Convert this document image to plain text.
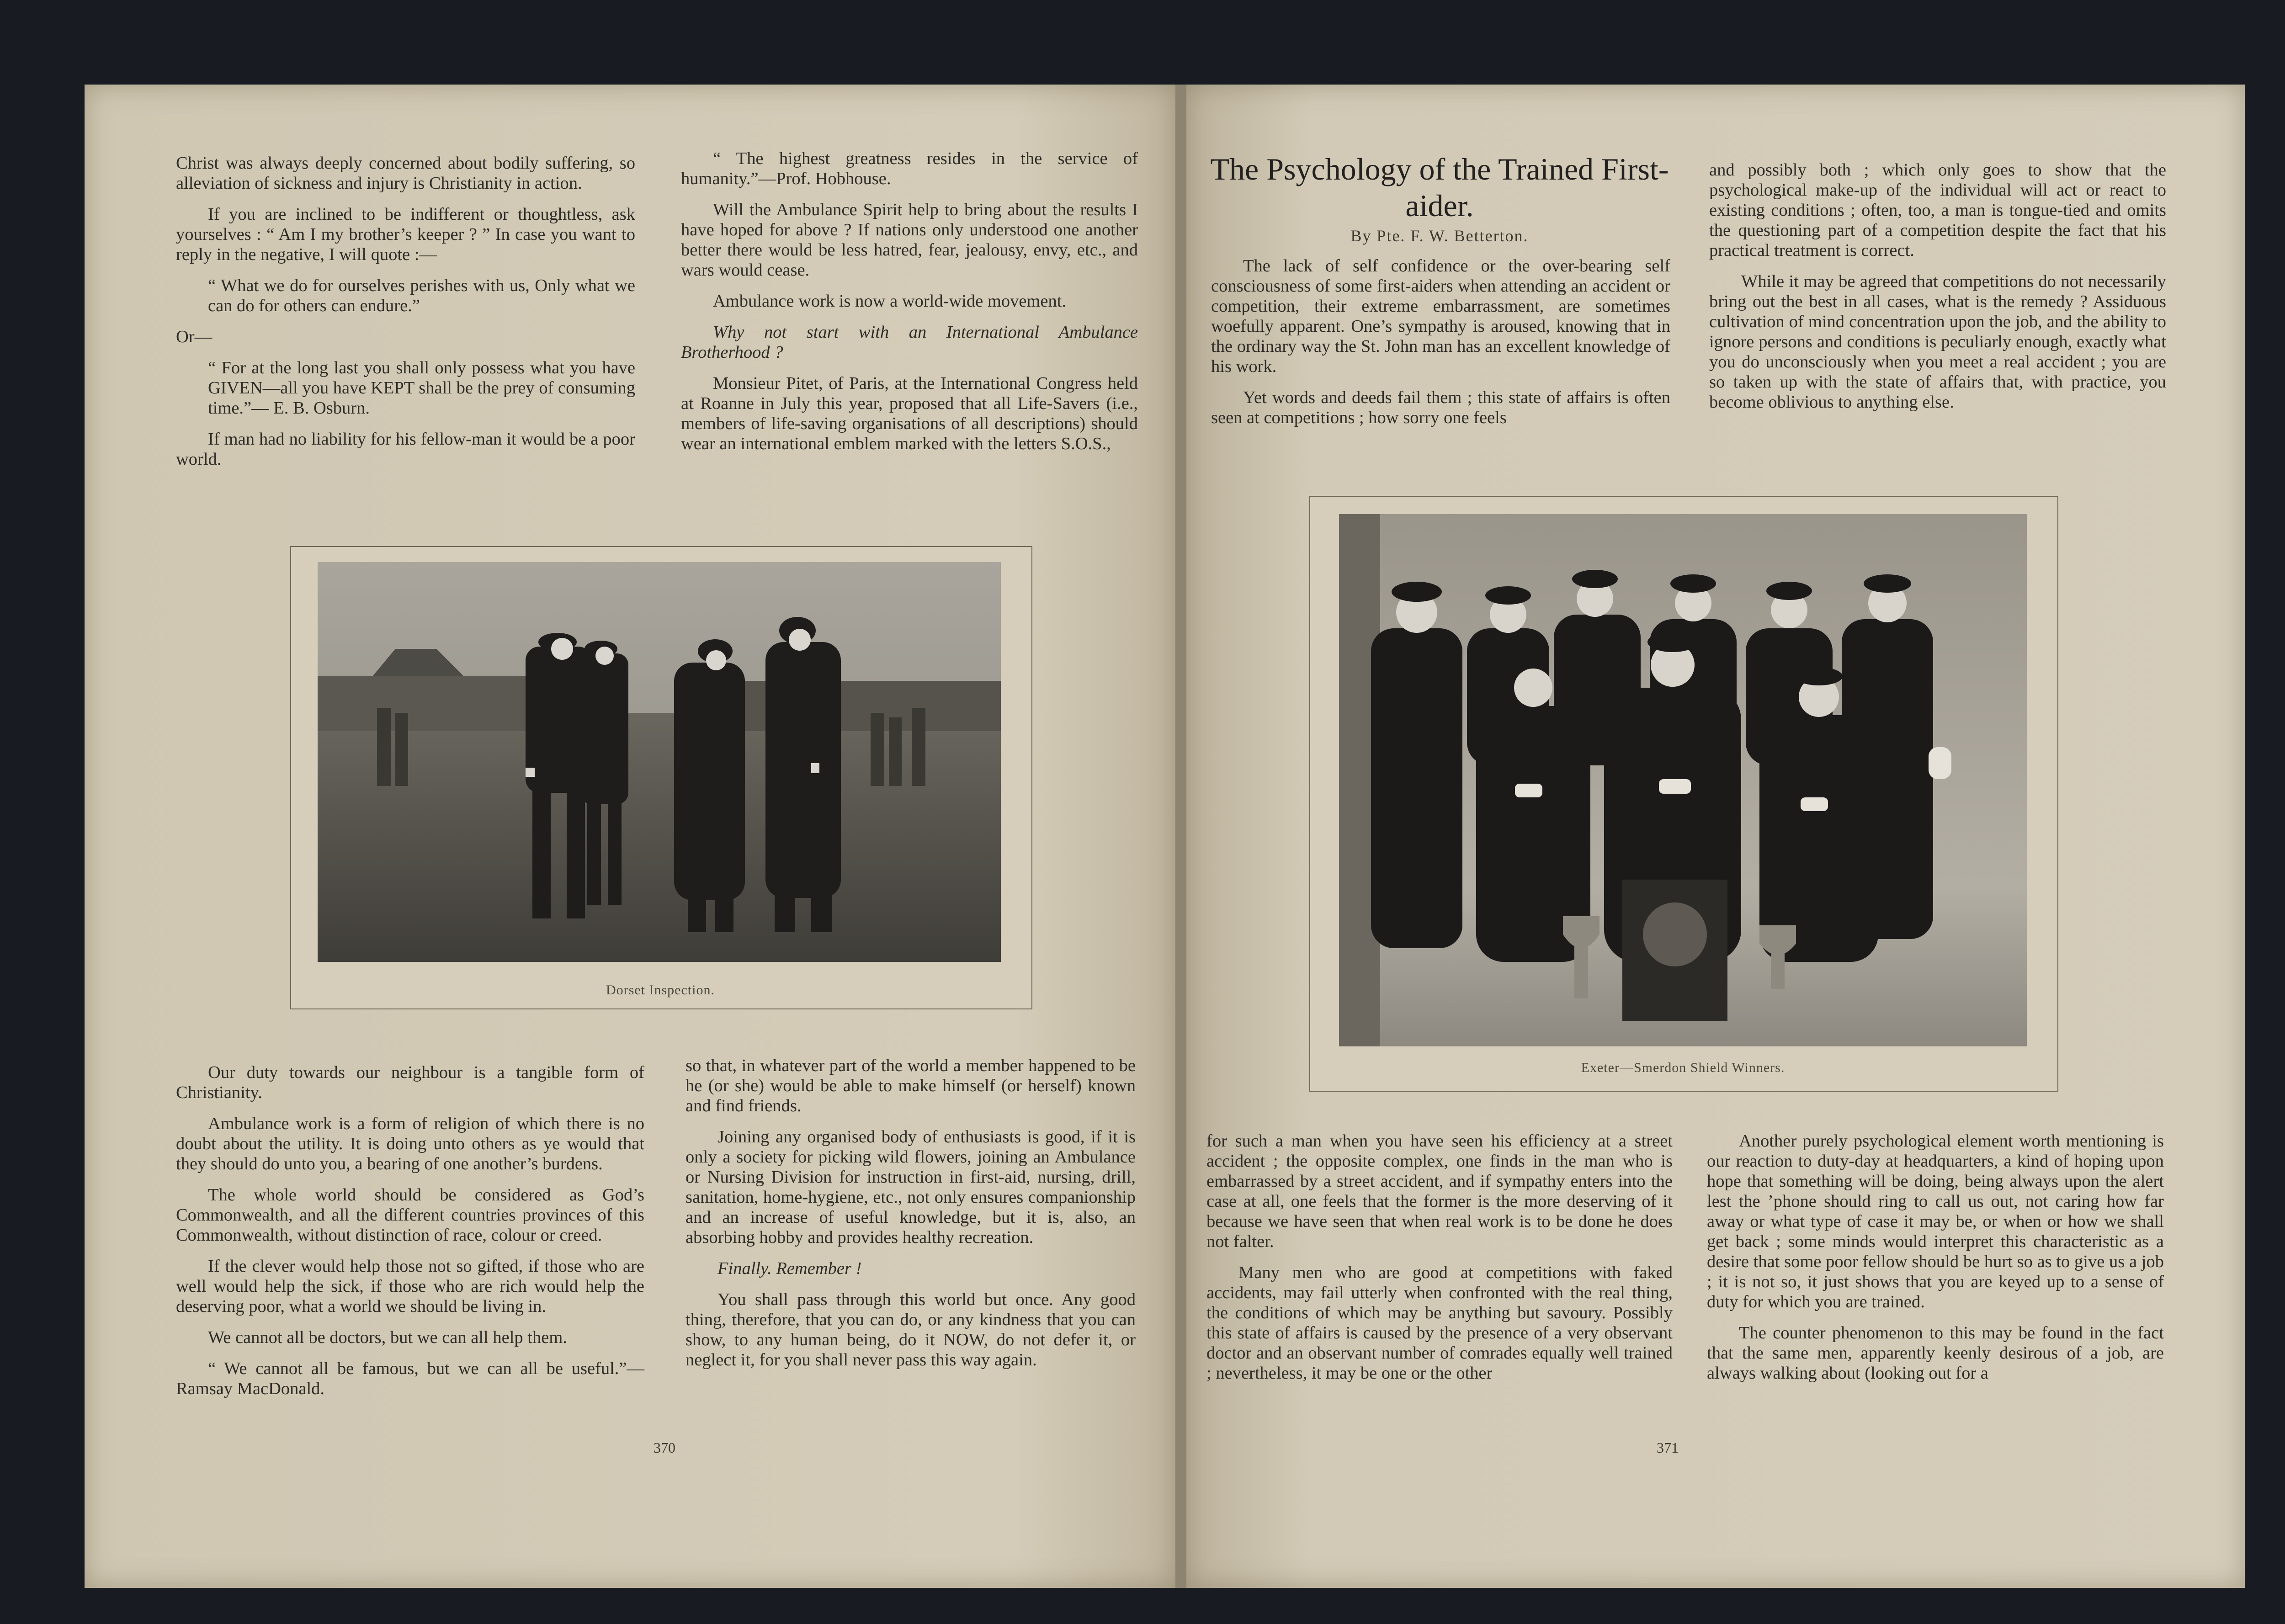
Christ was always deeply concerned about bodily suffering, so alleviation of sickness and injury is Christianity in action.

If you are inclined to be indifferent or thoughtless, ask yourselves : “ Am I my brother’s keeper ? ” In case you want to reply in the negative, I will quote :—

“ What we do for ourselves perishes with us, Only what we can do for others can endure.”

Or—

“ For at the long last you shall only possess what you have GIVEN—all you have KEPT shall be the prey of consuming time.”— E. B. Osburn.

If man had no liability for his fellow-man it would be a poor world.

“ The highest greatness resides in the service of humanity.”—Prof. Hobhouse.

Will the Ambulance Spirit help to bring about the results I have hoped for above ? If nations only understood one another better there would be less hatred, fear, jealousy, envy, etc., and wars would cease.

Ambulance work is now a world-wide movement.

Why not start with an International Ambulance Brotherhood ?

Monsieur Pitet, of Paris, at the International Congress held at Roanne in July this year, proposed that all Life-Savers (i.e., members of life-saving organisations of all descriptions) should wear an international emblem marked with the letters S.O.S.,

Dorset Inspection.

Our duty towards our neighbour is a tangible form of Christianity.

Ambulance work is a form of religion of which there is no doubt about the utility. It is doing unto others as ye would that they should do unto you, a bearing of one another’s burdens.

The whole world should be considered as God’s Commonwealth, and all the different countries provinces of this Commonwealth, without distinction of race, colour or creed.

If the clever would help those not so gifted, if those who are well would help the sick, if those who are rich would help the deserving poor, what a world we should be living in.

We cannot all be doctors, but we can all help them.

“ We cannot all be famous, but we can all be useful.”—Ramsay MacDonald.

so that, in whatever part of the world a member happened to be he (or she) would be able to make himself (or herself) known and find friends.

Joining any organised body of enthusiasts is good, if it is only a society for picking wild flowers, joining an Ambulance or Nursing Division for instruction in first-aid, nursing, drill, sanitation, home-hygiene, etc., not only ensures companionship and an increase of useful knowledge, but it is, also, an absorbing hobby and provides healthy recreation.

Finally. Remember !

You shall pass through this world but once. Any good thing, therefore, that you can do, or any kindness that you can show, to any human being, do it NOW, do not defer it, or neglect it, for you shall never pass this way again.

370
The Psychology of the Trained First-aider.
By Pte. F. W. Betterton.

The lack of self confidence or the over-bearing self consciousness of some first-aiders when attending an accident or competition, their extreme embarrassment, are sometimes woefully apparent. One’s sympathy is aroused, knowing that in the ordinary way the St. John man has an excellent knowledge of his work.

Yet words and deeds fail them ; this state of affairs is often seen at competitions ; how sorry one feels

and possibly both ; which only goes to show that the psychological make-up of the individual will act or react to existing conditions ; often, too, a man is tongue-tied and omits the questioning part of a competition despite the fact that his practical treatment is correct.

While it may be agreed that competitions do not necessarily bring out the best in all cases, what is the remedy ? Assiduous cultivation of mind concentration upon the job, and the ability to ignore persons and conditions is peculiarly enough, exactly what you do unconsciously when you meet a real accident ; you are so taken up with the state of affairs that, with practice, you become oblivious to anything else.

Exeter—Smerdon Shield Winners.

for such a man when you have seen his efficiency at a street accident ; the opposite complex, one finds in the man who is embarrassed by a street accident, and if sympathy enters into the case at all, one feels that the former is the more deserving of it because we have seen that when real work is to be done he does not falter.

Many men who are good at competitions with faked accidents, may fail utterly when confronted with the real thing, the conditions of which may be anything but savoury. Possibly this state of affairs is caused by the presence of a very observant doctor and an observant number of comrades equally well trained ; nevertheless, it may be one or the other

Another purely psychological element worth mentioning is our reaction to duty-day at headquarters, a kind of hoping upon hope that something will be doing, being always upon the alert lest the ’phone should ring to call us out, not caring how far away or what type of case it may be, or when or how we shall get back ; some minds would interpret this characteristic as a desire that some poor fellow should be hurt so as to give us a job ; it is not so, it just shows that you are keyed up to a sense of duty for which you are trained.

The counter phenomenon to this may be found in the fact that the same men, apparently keenly desirous of a job, are always walking about (looking out for a

371
